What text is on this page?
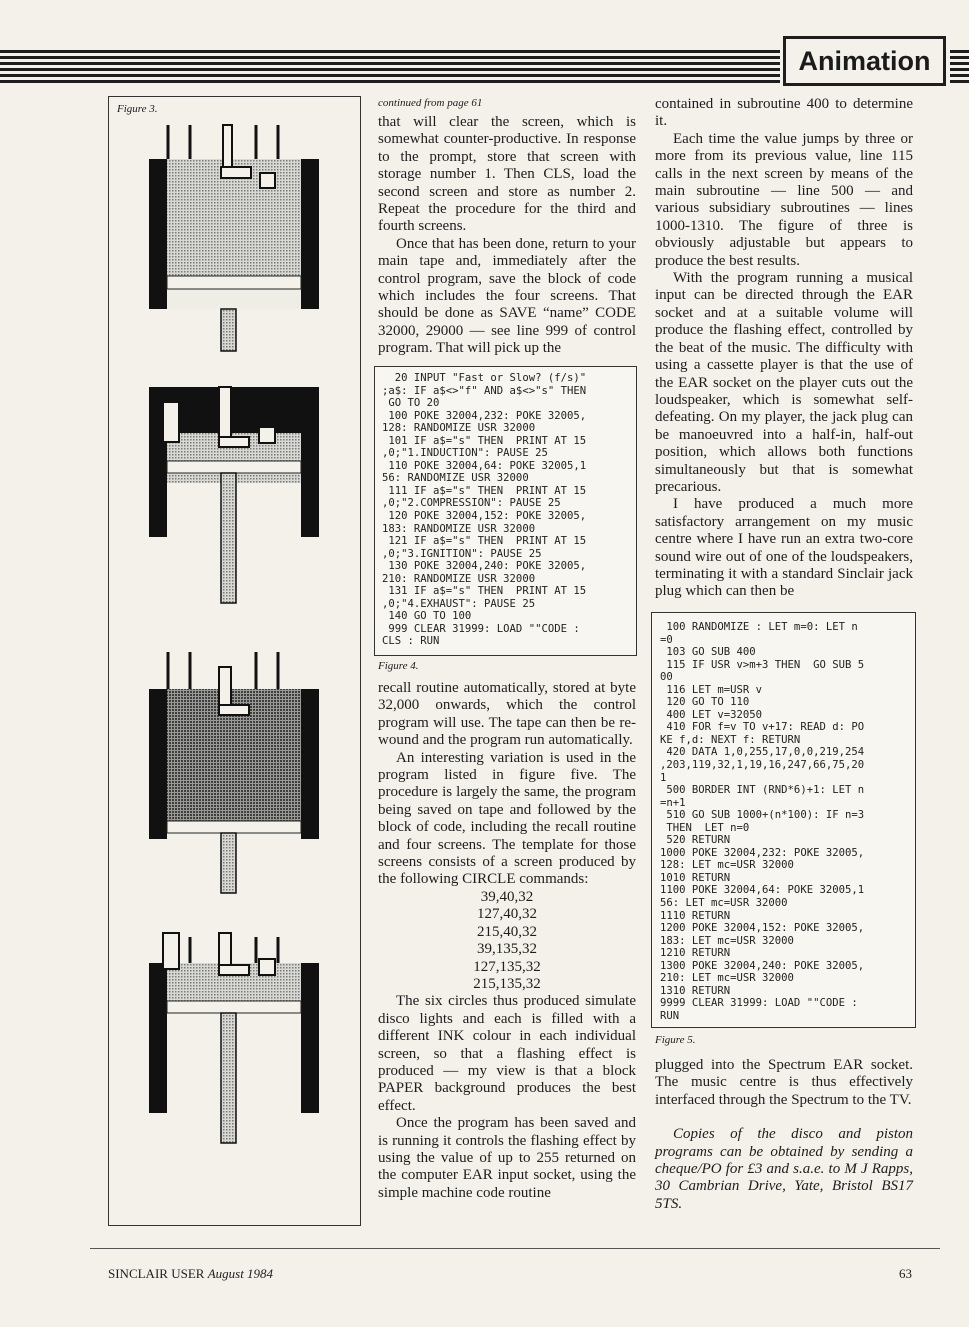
Animation
Figure 3.	continued from page 61

that will clear the screen, which is somewhat counter-productive. In response to the prompt, store that screen with storage number 1. Then CLS, load the second screen and store as number 2. Repeat the procedure for the third and fourth screens.

Once that has been done, return to your main tape and, immediately after the control program, save the block of code which includes the four screens. That should be done as SAVE “name” CODE 32000, 29000 — see line 999 of control program. That will pick up the

20 INPUT "Fast or Slow? (f/s)"
;a$: IF a$<>"f" AND a$<>"s" THEN
GO TO 20
100 POKE 32004,232: POKE 32005,
128: RANDOMIZE USR 32000
101 IF a$="s" THEN  PRINT AT 15
,0;"1.INDUCTION": PAUSE 25
110 POKE 32004,64: POKE 32005,1
56: RANDOMIZE USR 32000
111 IF a$="s" THEN  PRINT AT 15
,0;"2.COMPRESSION": PAUSE 25
120 POKE 32004,152: POKE 32005,
183: RANDOMIZE USR 32000
121 IF a$="s" THEN  PRINT AT 15
,0;"3.IGNITION": PAUSE 25
130 POKE 32004,240: POKE 32005,
210: RANDOMIZE USR 32000
131 IF a$="s" THEN  PRINT AT 15
,0;"4.EXHAUST": PAUSE 25
140 GO TO 100
999 CLEAR 31999: LOAD ""CODE :
CLS : RUN
Figure 4.

recall routine automatically, stored at byte 32,000 onwards, which the control program will use. The tape can then be re-wound and the program run automatically.

An interesting variation is used in the program listed in figure five. The procedure is largely the same, the program being saved on tape and followed by the block of code, including the recall routine and four screens. The template for those screens consists of a screen produced by the following CIRCLE commands:

39,40,32
127,40,32
215,40,32
39,135,32
127,135,32
215,135,32

The six circles thus produced simulate disco lights and each is filled with a different INK colour in each individual screen, so that a flashing effect is produced — my view is that a block PAPER background produces the best effect.

Once the program has been saved and is running it controls the flashing effect by using the value of up to 255 returned on the computer EAR input socket, using the simple machine code routine

contained in subroutine 400 to determine it.

Each time the value jumps by three or more from its previous value, line 115 calls in the next screen by means of the main subroutine — line 500 — and various subsidiary subroutines — lines 1000-1310. The figure of three is obviously adjustable but appears to produce the best results.

With the program running a musical input can be directed through the EAR socket and at a suitable volume will produce the flashing effect, controlled by the beat of the music. The difficulty with using a cassette player is that the use of the EAR socket on the player cuts out the loudspeaker, which is somewhat self-defeating. On my player, the jack plug can be manoeuvred into a half-in, half-out position, which allows both functions simultaneously but that is somewhat precarious.

I have produced a much more satisfactory arrangement on my music centre where I have run an extra two-core sound wire out of one of the loudspeakers, terminating it with a standard Sinclair jack plug which can then be

100 RANDOMIZE : LET m=0: LET n
=0
103 GO SUB 400
115 IF USR v>m+3 THEN  GO SUB 5
00
116 LET m=USR v
120 GO TO 110
400 LET v=32050
410 FOR f=v TO v+17: READ d: PO
KE f,d: NEXT f: RETURN
420 DATA 1,0,255,17,0,0,219,254
,203,119,32,1,19,16,247,66,75,20
1
500 BORDER INT (RND*6)+1: LET n
=n+1
510 GO SUB 1000+(n*100): IF n=3
THEN  LET n=0
520 RETURN
1000 POKE 32004,232: POKE 32005,
128: LET mc=USR 32000
1010 RETURN
1100 POKE 32004,64: POKE 32005,1
56: LET mc=USR 32000
1110 RETURN
1200 POKE 32004,152: POKE 32005,
183: LET mc=USR 32000
1210 RETURN
1300 POKE 32004,240: POKE 32005,
210: LET mc=USR 32000
1310 RETURN
9999 CLEAR 31999: LOAD ""CODE :
RUN
Figure 5.

plugged into the Spectrum EAR socket. The music centre is thus effectively interfaced through the Spectrum to the TV.

Copies of the disco and piston programs can be obtained by sending a cheque/PO for £3 and s.a.e. to M J Rapps, 30 Cambrian Drive, Yate, Bristol BS17 5TS.

SINCLAIR USER August 1984	63
